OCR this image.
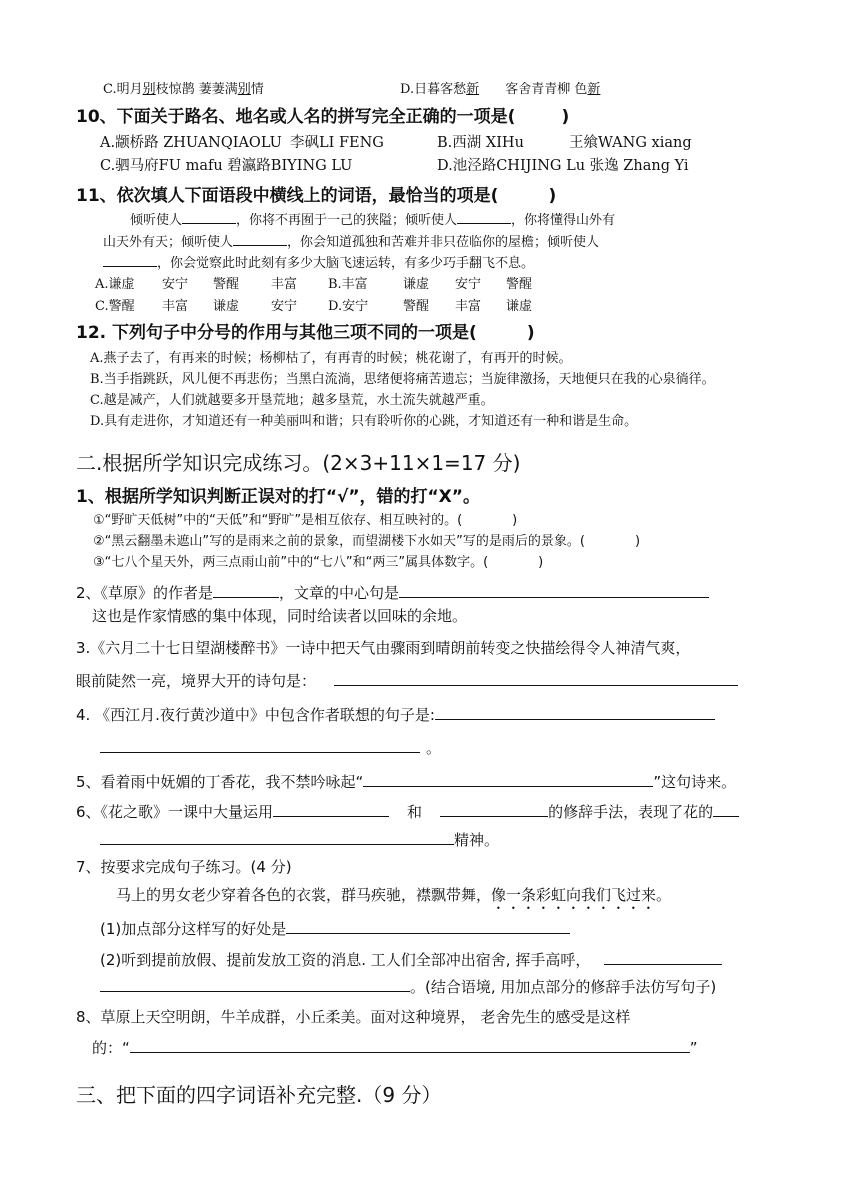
C.明月别枝惊鹊 萋萋满别情	D.日暮客愁新 客舍青青柳 色新
10、下面关于路名、地名或人名的拼写完全正确的一项是(	)
A.颛桥路 ZHUANQIAOLU 李砜LI FENG	B.西湖 XIHu	王飨WANG xiang
C.驷马府FU mafu 碧瀛路BIYING LU	D.池泾路CHIJING Lu 张逸 Zhang Yi
11、依次填人下面语段中横线上的词语，最恰当的项是(	)
倾听使人	，你将不再囿于一己的狭隘；倾听使人	，你将懂得山外有
山天外有天；倾听使人	，你会知道孤独和苦难并非只莅临你的屋檐；倾听使人
，你会觉察此时此刻有多少大脑飞速运转，有多少巧手翻飞不息。
A.谦虚 安宁 警醒 丰富 B.丰富	谦虚 安宁 警醒
C.警醒 丰富 谦虚 安宁 D.安宁	警醒 丰富 谦虚
12. 下列句子中分号的作用与其他三项不同的一项是(	)
A.燕子去了，有再来的时候；杨柳枯了，有再青的时候；桃花谢了，有再开的时候。
B.当手指跳跃，风儿便不再悲伤；当黑白流淌，思绪便将痛苦遗忘；当旋律激扬，天地便只在我的心泉徜徉。
C.越是减产，人们就越要多开垦荒地；越多垦荒，水土流失就越严重。
D.具有走进你，才知道还有一种美丽叫和谐；只有聆听你的心跳，才知道还有一种和谐是生命。
二.根据所学知识完成练习。(2×3+11×1=17 分)
1、根据所学知识判断正误对的打“√”，错的打“X”。
①“野旷天低树”中的“天低”和“野旷”是相互依存、相互映衬的。(	)
②“黑云翻墨未遮山”写的是雨来之前的景象，而望湖楼下水如天”写的是雨后的景象。(	)
③“七八个星天外，两三点雨山前”中的“七八”和“两三”属具体数字。(	)
2、《草原》的作者是	，文章的中心句是
这也是作家情感的集中体现，同时给读者以回味的余地。
3.《六月二十七日望湖楼醉书》一诗中把天气由骤雨到晴朗前转变之快描绘得令人神清气爽，
眼前陡然一亮，境界大开的诗句是：
4. 《西江月.夜行黄沙道中》中包含作者联想的句子是:
。
5、看着雨中妩媚的丁香花，我不禁吟咏起“	”这句诗来。
6、《花之歌》一课中大量运用	和	的修辞手法，表现了花的
精神。
7、按要求完成句子练习。(4 分)
马上的男女老少穿着各色的衣裳，群马疾驰，襟飘带舞，像一条彩虹向我们飞过来。
(1)加点部分这样写的好处是
(2)听到提前放假、提前发放工资的消息. 工人们全部冲出宿舍, 挥手高呼，
。(结合语境, 用加点部分的修辞手法仿写句子)
8、草原上天空明朗，牛羊成群，小丘柔美。面对这种境界， 老舍先生的感受是这样
的：“	”
三、把下面的四字词语补充完整.（9 分）
